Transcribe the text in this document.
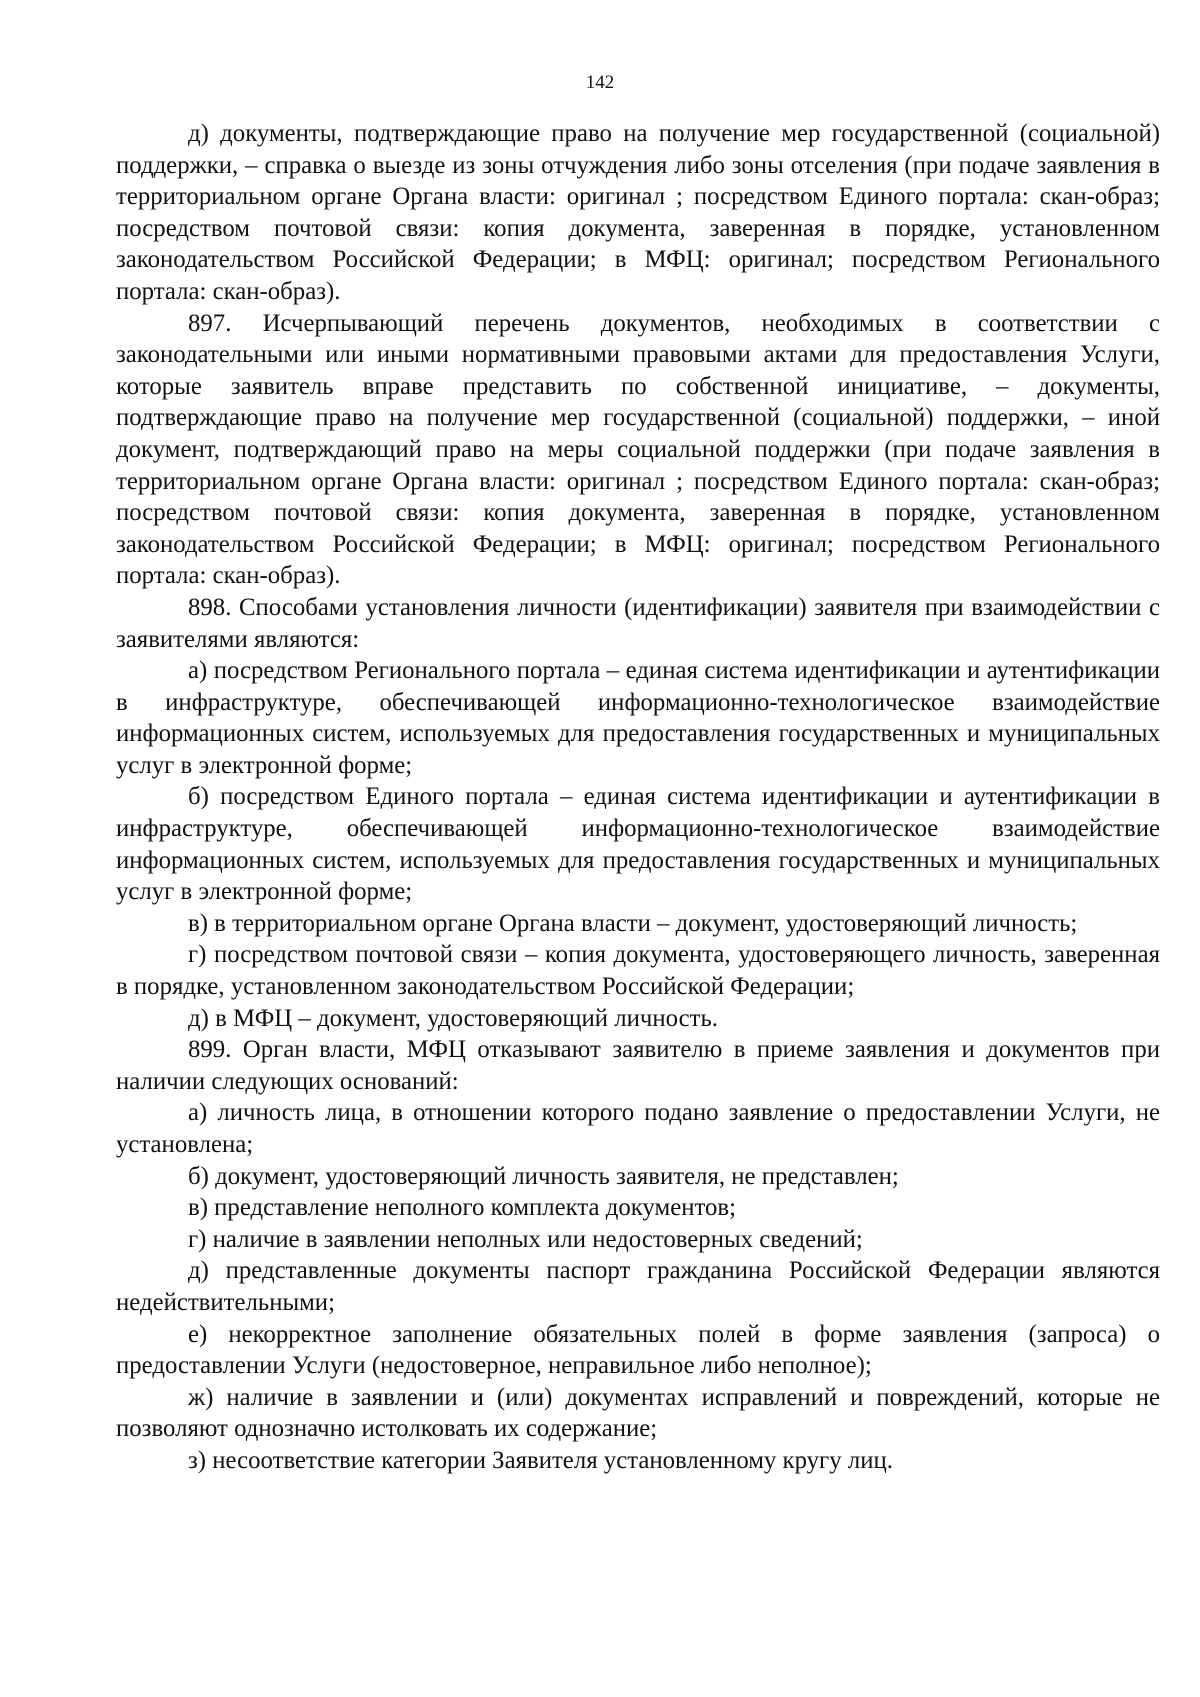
142

д) документы, подтверждающие право на получение мер государственной (социальной) поддержки, – справка о выезде из зоны отчуждения либо зоны отселения (при подаче заявления в территориальном органе Органа власти: оригинал ; посредством Единого портала: скан-образ; посредством почтовой связи: копия документа, заверенная в порядке, установленном законодательством Российской Федерации; в МФЦ: оригинал; посредством Регионального портала: скан-образ).

897. Исчерпывающий перечень документов, необходимых в соответствии с законодательными или иными нормативными правовыми актами для предоставления Услуги, которые заявитель вправе представить по собственной инициативе, – документы, подтверждающие право на получение мер государственной (социальной) поддержки, – иной документ, подтверждающий право на меры социальной поддержки (при подаче заявления в территориальном органе Органа власти: оригинал ; посредством Единого портала: скан-образ; посредством почтовой связи: копия документа, заверенная в порядке, установленном законодательством Российской Федерации; в МФЦ: оригинал; посредством Регионального портала: скан-образ).

898. Способами установления личности (идентификации) заявителя при взаимодействии с заявителями являются:

а) посредством Регионального портала – единая система идентификации и аутентификации в инфраструктуре, обеспечивающей информационно-технологическое взаимодействие информационных систем, используемых для предоставления государственных и муниципальных услуг в электронной форме;

б) посредством Единого портала – единая система идентификации и аутентификации в инфраструктуре, обеспечивающей информационно-технологическое взаимодействие информационных систем, используемых для предоставления государственных и муниципальных услуг в электронной форме;

в) в территориальном органе Органа власти – документ, удостоверяющий личность;

г) посредством почтовой связи – копия документа, удостоверяющего личность, заверенная в порядке, установленном законодательством Российской Федерации;

д) в МФЦ – документ, удостоверяющий личность.

899. Орган власти, МФЦ отказывают заявителю в приеме заявления и документов при наличии следующих оснований:

а) личность лица, в отношении которого подано заявление о предоставлении Услуги, не установлена;

б) документ, удостоверяющий личность заявителя, не представлен;

в) представление неполного комплекта документов;

г) наличие в заявлении неполных или недостоверных сведений;

д) представленные документы паспорт гражданина Российской Федерации являются недействительными;

е) некорректное заполнение обязательных полей в форме заявления (запроса) о предоставлении Услуги (недостоверное, неправильное либо неполное);

ж) наличие в заявлении и (или) документах исправлений и повреждений, которые не позволяют однозначно истолковать их содержание;

з) несоответствие категории Заявителя установленному кругу лиц.
